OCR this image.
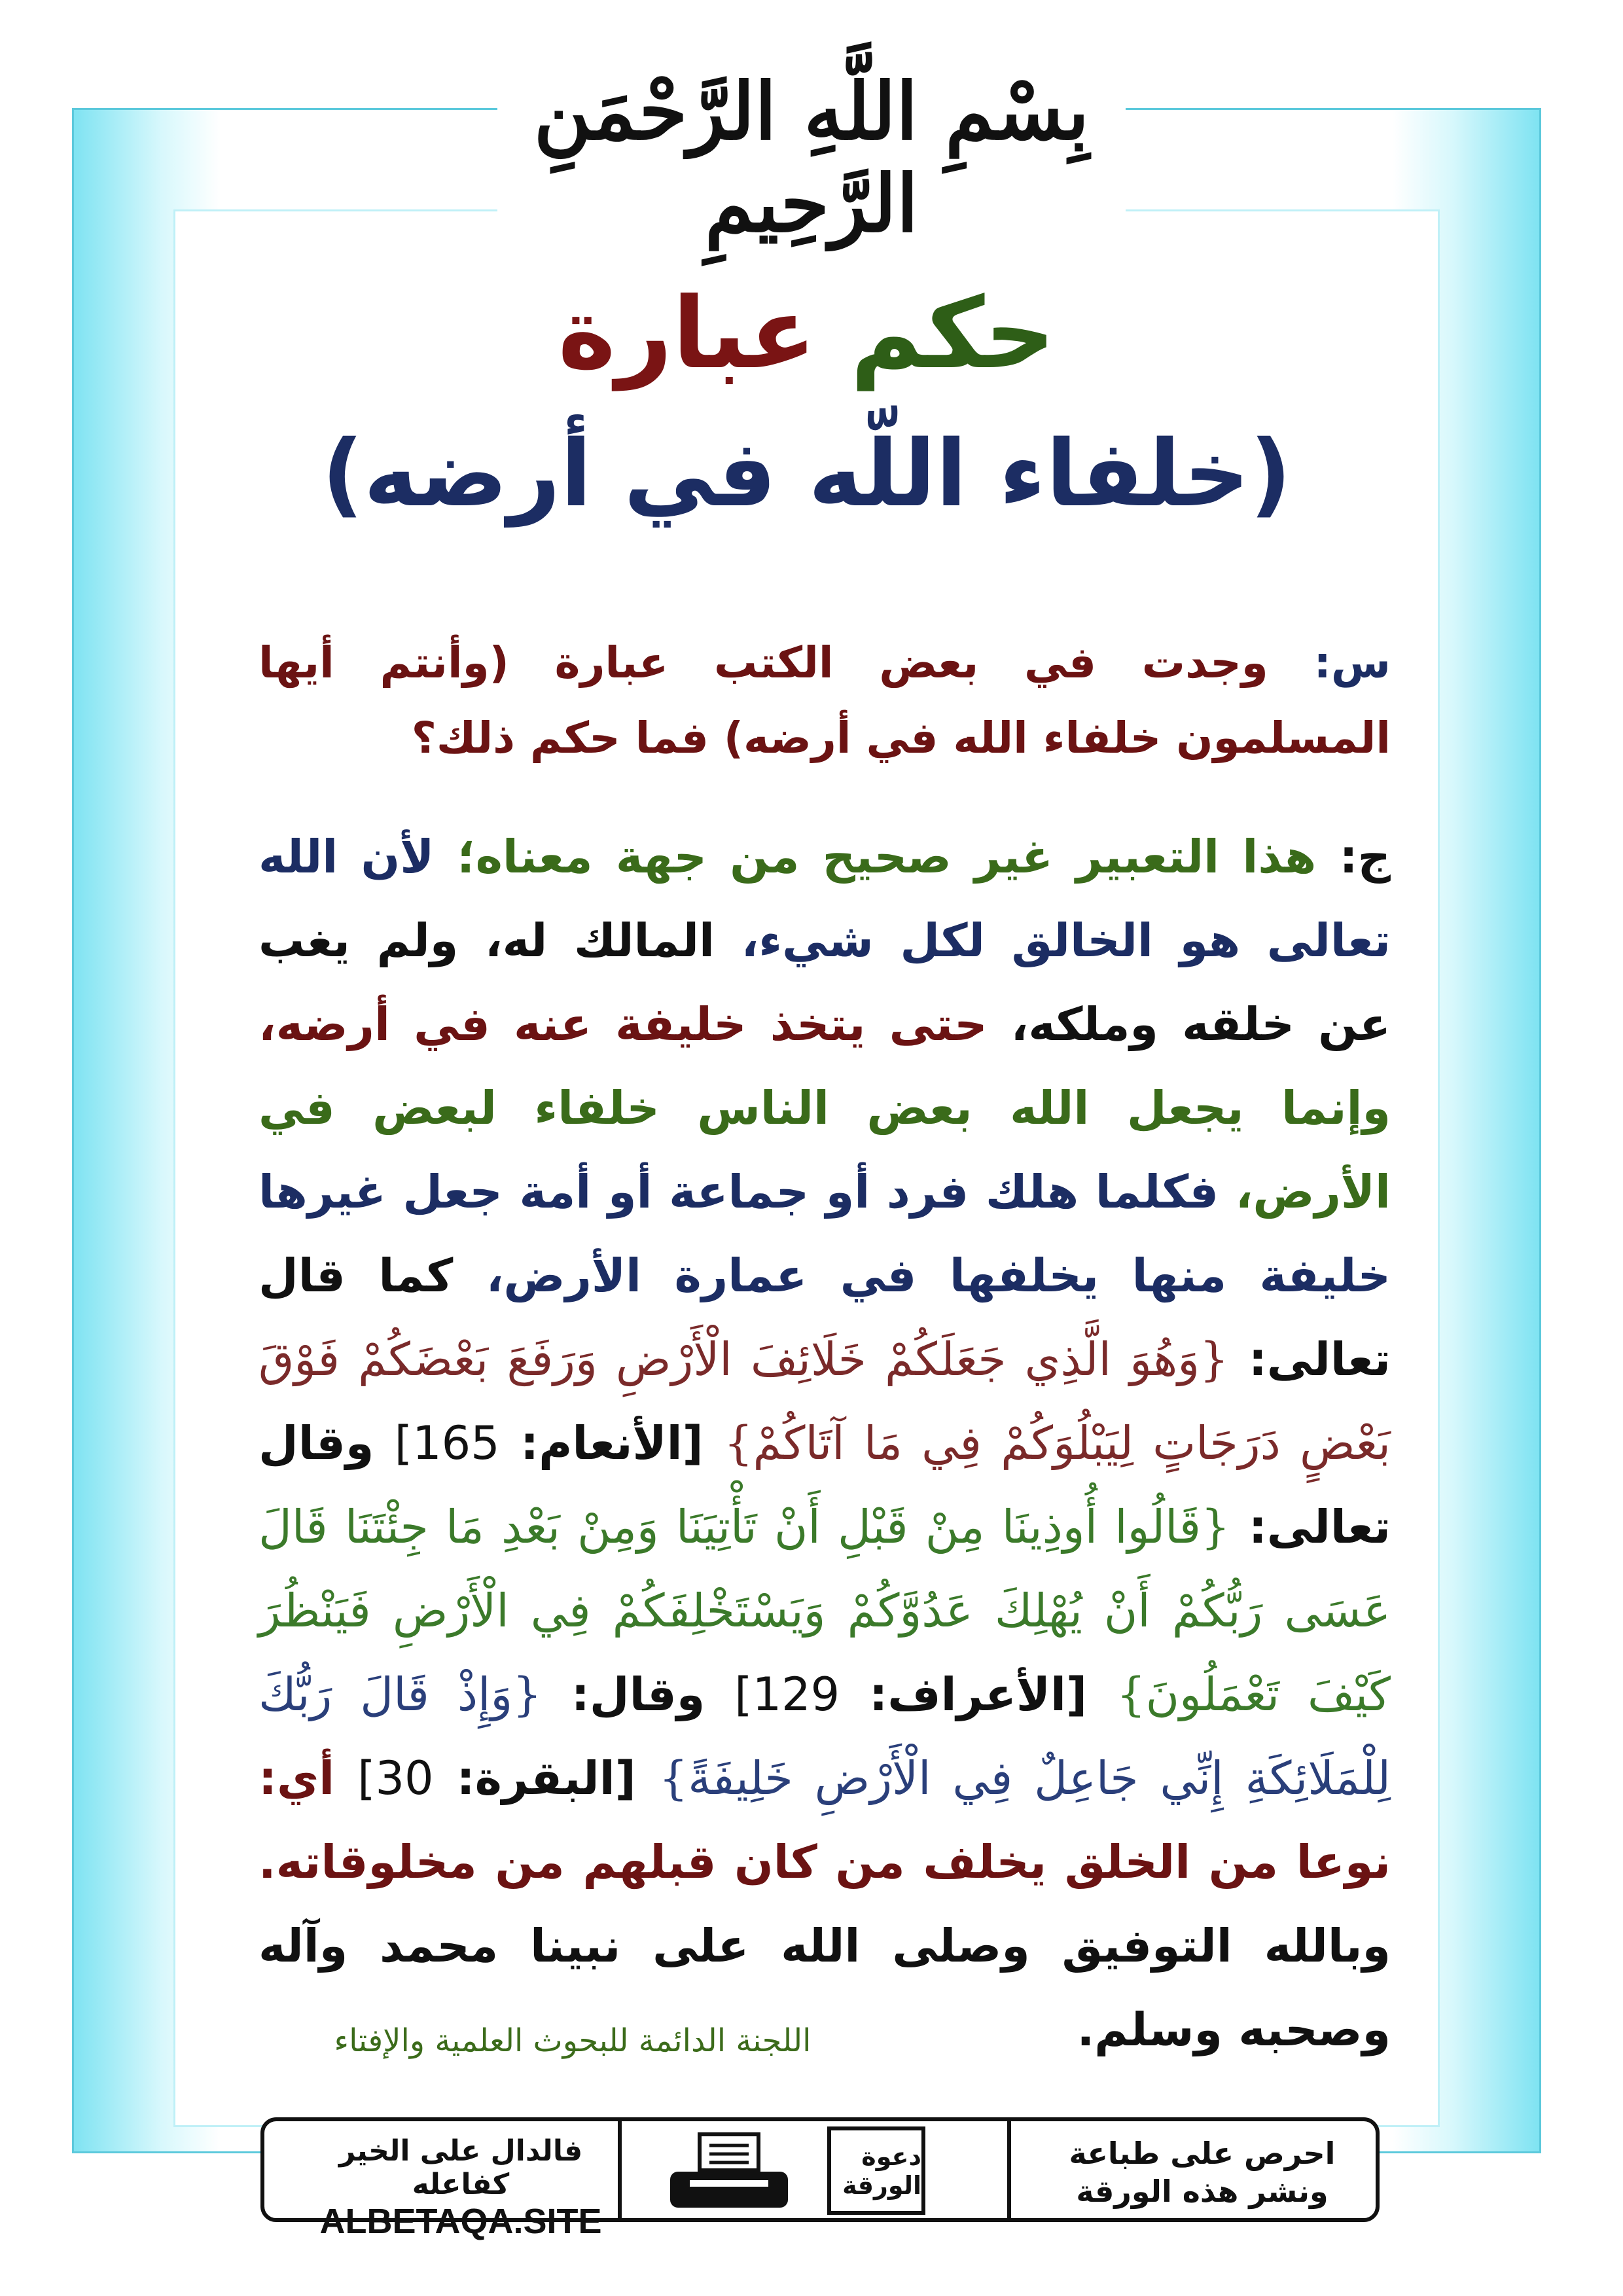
بِسْمِ اللَّهِ الرَّحْمَنِ الرَّحِيمِ
حكم عبارة
(خلفاء اللّه في أرضه)
س: وجدت في بعض الكتب عبارة (وأنتم أيها المسلمون خلفاء الله في أرضه) فما حكم ذلك؟
ج: هذا التعبير غير صحيح من جهة معناه؛ لأن الله تعالى هو الخالق لكل شيء، المالك له، ولم يغب عن خلقه وملكه، حتى يتخذ خليفة عنه في أرضه، وإنما يجعل الله بعض الناس خلفاء لبعض في الأرض، فكلما هلك فرد أو جماعة أو أمة جعل غيرها خليفة منها يخلفها في عمارة الأرض، كما قال تعالى: {وَهُوَ الَّذِي جَعَلَكُمْ خَلَائِفَ الْأَرْضِ وَرَفَعَ بَعْضَكُمْ فَوْقَ بَعْضٍ دَرَجَاتٍ لِيَبْلُوَكُمْ فِي مَا آتَاكُمْ} [الأنعام: 165] وقال تعالى: {قَالُوا أُوذِينَا مِنْ قَبْلِ أَنْ تَأْتِيَنَا وَمِنْ بَعْدِ مَا جِئْتَنَا قَالَ عَسَى رَبُّكُمْ أَنْ يُهْلِكَ عَدُوَّكُمْ وَيَسْتَخْلِفَكُمْ فِي الْأَرْضِ فَيَنْظُرَ كَيْفَ تَعْمَلُونَ} [الأعراف: 129] وقال: {وَإِذْ قَالَ رَبُّكَ لِلْمَلَائِكَةِ إِنِّي جَاعِلٌ فِي الْأَرْضِ خَلِيفَةً} [البقرة: 30] أي: نوعا من الخلق يخلف من كان قبلهم من مخلوقاته. وبالله التوفيق وصلى الله على نبينا محمد وآله وصحبه وسلم.
اللجنة الدائمة للبحوث العلمية والإفتاء
احرص على طباعة
ونشر هذه الورقة
دعوة الورقة
فالدال على الخير كفاعله
ALBETAQA.SITE
